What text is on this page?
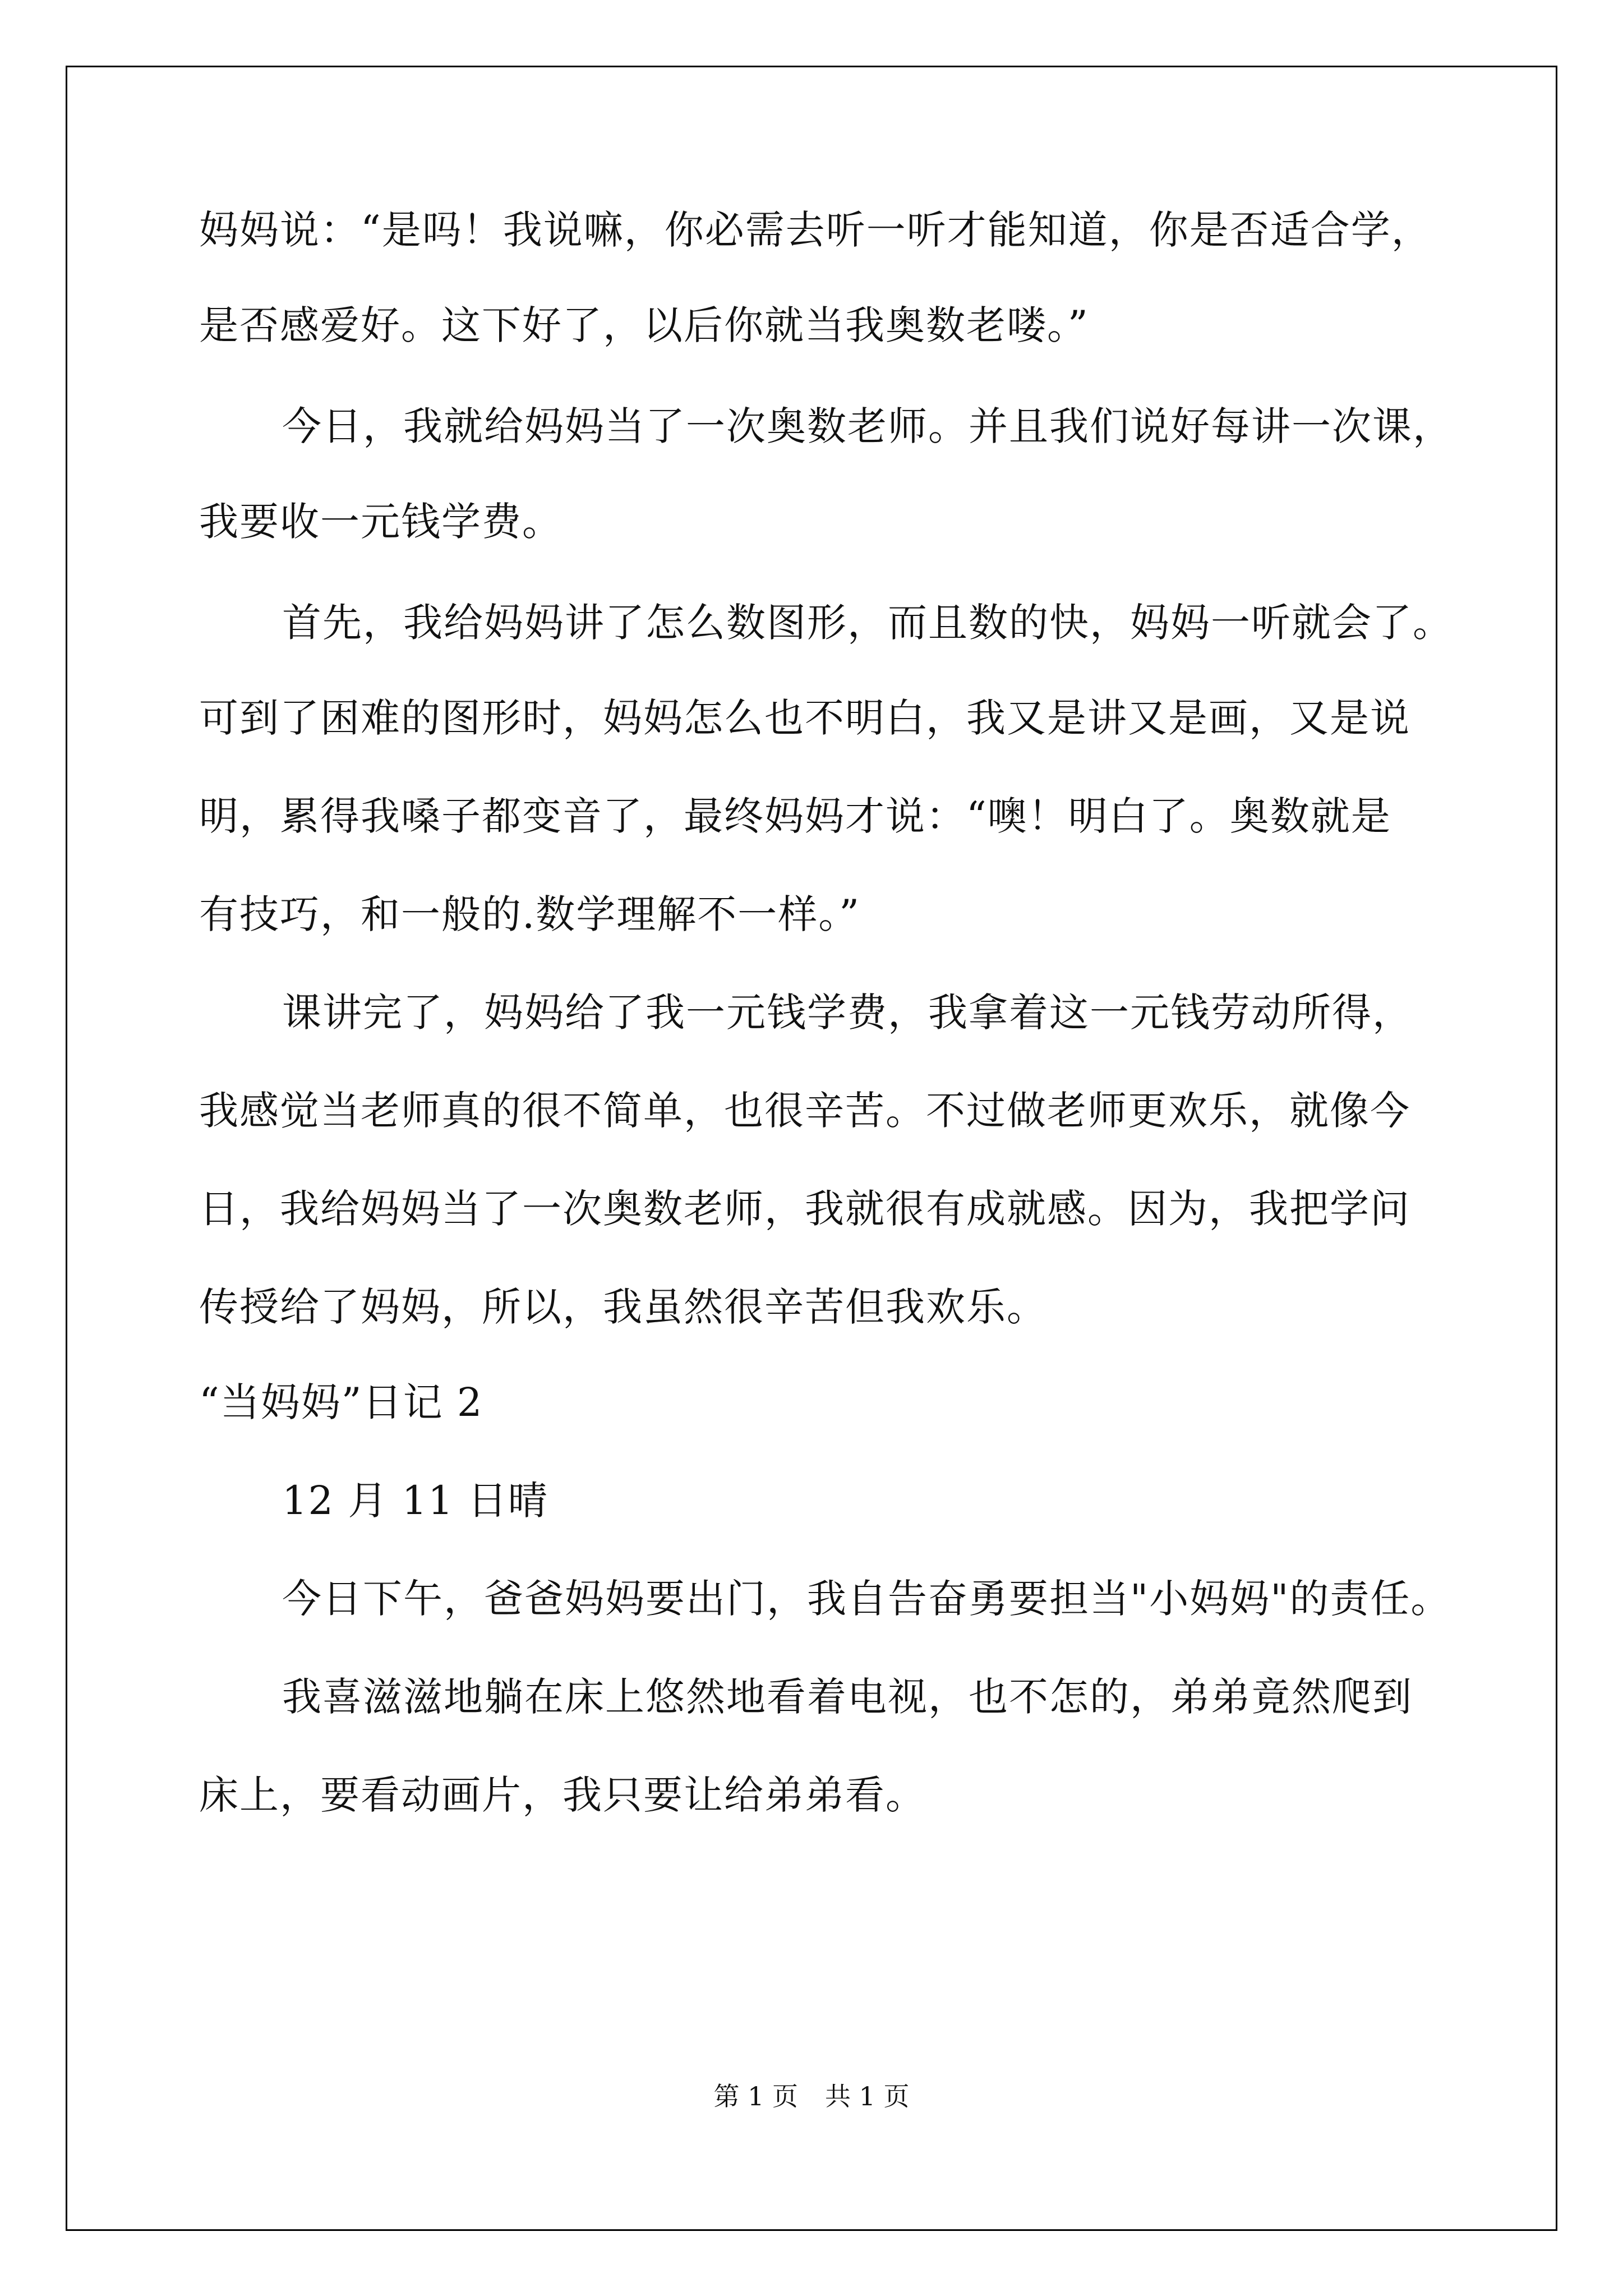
妈妈说：“是吗！我说嘛，你必需去听一听才能知道，你是否适合学，
是否感爱好。这下好了，以后你就当我奥数老喽。”
今日，我就给妈妈当了一次奥数老师。并且我们说好每讲一次课，
我要收一元钱学费。
首先，我给妈妈讲了怎么数图形，而且数的快，妈妈一听就会了。
可到了困难的图形时，妈妈怎么也不明白，我又是讲又是画，又是说
明，累得我嗓子都变音了，最终妈妈才说：“噢！明白了。奥数就是
有技巧，和一般的.数学理解不一样。”
课讲完了，妈妈给了我一元钱学费，我拿着这一元钱劳动所得，
我感觉当老师真的很不简单，也很辛苦。不过做老师更欢乐，就像今
日，我给妈妈当了一次奥数老师，我就很有成就感。因为，我把学问
传授给了妈妈，所以，我虽然很辛苦但我欢乐。
“当妈妈”日记 2
12 月 11 日晴
今日下午，爸爸妈妈要出门，我自告奋勇要担当"小妈妈"的责任。
我喜滋滋地躺在床上悠然地看着电视，也不怎的，弟弟竟然爬到
床上，要看动画片，我只要让给弟弟看。
第 1 页 共 1 页
